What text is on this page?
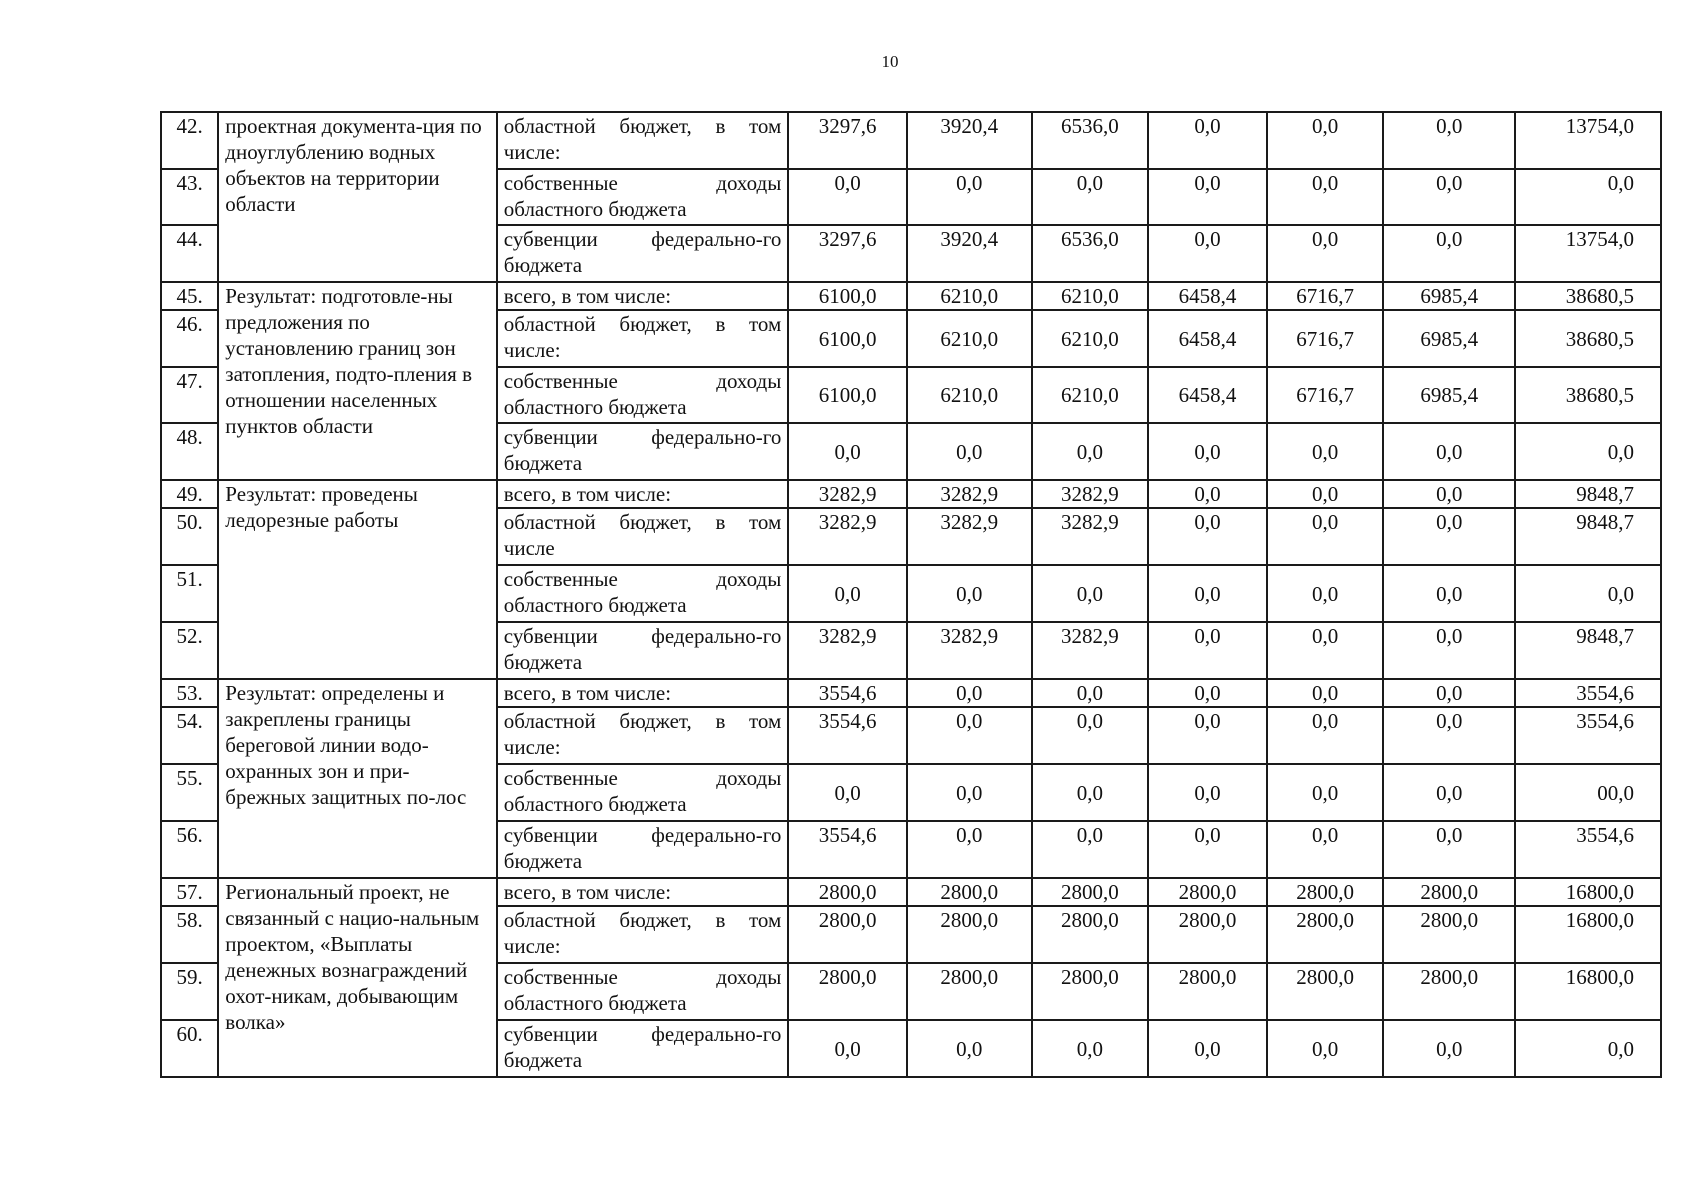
10
42.	проектная документа-ция по дноуглублению водных объектов на территории области	областной бюджет, в том числе:	3297,6	3920,4	6536,0	0,0	0,0	0,0	13754,0
43.		собственные доходы областного бюджета	0,0	0,0	0,0	0,0	0,0	0,0	0,0
44.		субвенции федерально-го бюджета	3297,6	3920,4	6536,0	0,0	0,0	0,0	13754,0
45.	Результат: подготовле-ны предложения по установлению границ зон затопления, подто-пления в отношении населенных пунктов области	всего, в том числе:	6100,0	6210,0	6210,0	6458,4	6716,7	6985,4	38680,5
46.		областной бюджет, в том числе:	6100,0	6210,0	6210,0	6458,4	6716,7	6985,4	38680,5
47.		собственные доходы областного бюджета	6100,0	6210,0	6210,0	6458,4	6716,7	6985,4	38680,5
48.		субвенции федерально-го бюджета	0,0	0,0	0,0	0,0	0,0	0,0	0,0
49.	Результат: проведены ледорезные работы	всего, в том числе:	3282,9	3282,9	3282,9	0,0	0,0	0,0	9848,7
50.		областной бюджет, в том числе	3282,9	3282,9	3282,9	0,0	0,0	0,0	9848,7
51.		собственные доходы областного бюджета	0,0	0,0	0,0	0,0	0,0	0,0	0,0
52.		субвенции федерально-го бюджета	3282,9	3282,9	3282,9	0,0	0,0	0,0	9848,7
53.	Результат: определены и закреплены границы береговой линии водо-охранных зон и при-брежных защитных по-лос	всего, в том числе:	3554,6	0,0	0,0	0,0	0,0	0,0	3554,6
54.		областной бюджет, в том числе:	3554,6	0,0	0,0	0,0	0,0	0,0	3554,6
55.		собственные доходы областного бюджета	0,0	0,0	0,0	0,0	0,0	0,0	00,0
56.		субвенции федерально-го бюджета	3554,6	0,0	0,0	0,0	0,0	0,0	3554,6
57.	Региональный проект, не связанный с нацио-нальным проектом, «Выплаты денежных вознаграждений охот-никам, добывающим волка»	всего, в том числе:	2800,0	2800,0	2800,0	2800,0	2800,0	2800,0	16800,0
58.		областной бюджет, в том числе:	2800,0	2800,0	2800,0	2800,0	2800,0	2800,0	16800,0
59.		собственные доходы областного бюджета	2800,0	2800,0	2800,0	2800,0	2800,0	2800,0	16800,0
60.		субвенции федерально-го бюджета	0,0	0,0	0,0	0,0	0,0	0,0	0,0
